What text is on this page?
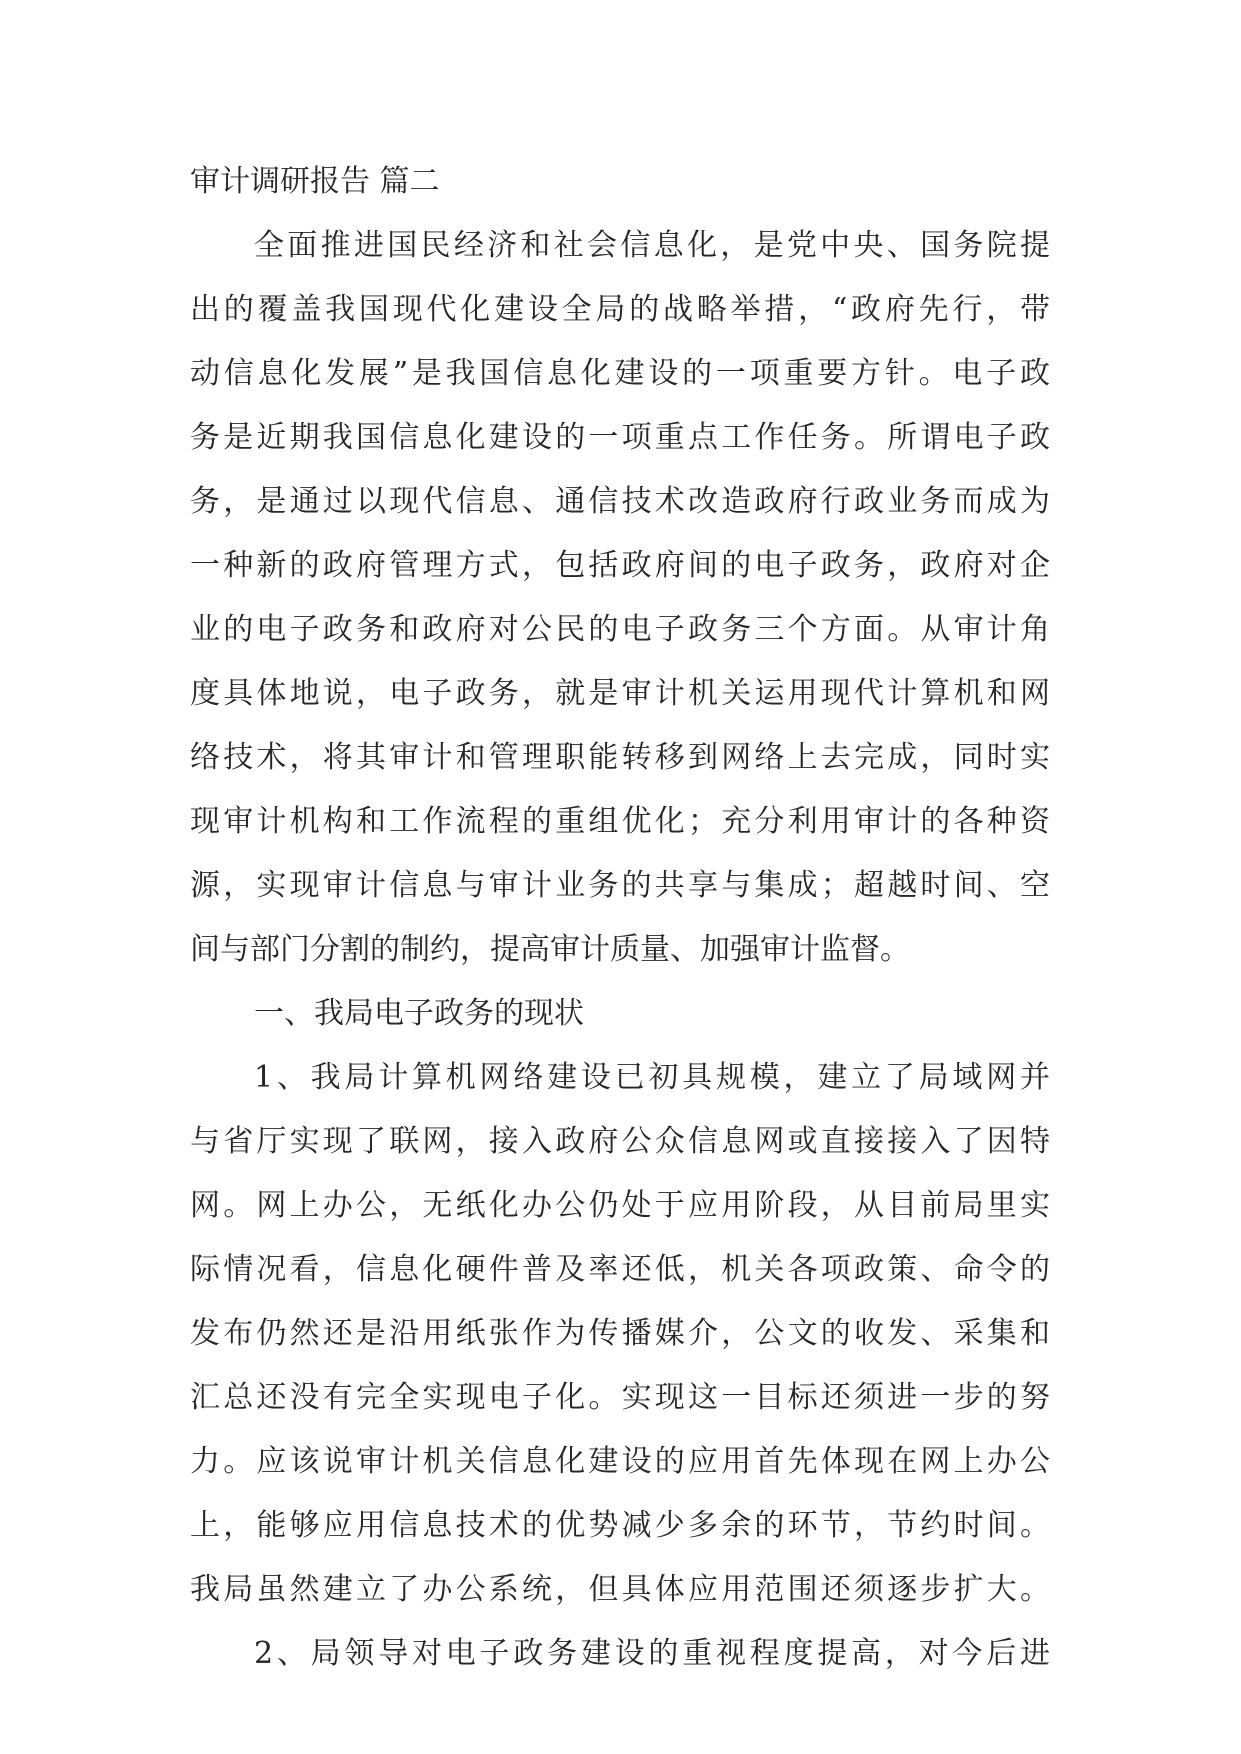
审计调研报告 篇二
全面推进国民经济和社会信息化，是党中央、国务院提
出的覆盖我国现代化建设全局的战略举措，“政府先行，带
动信息化发展”是我国信息化建设的一项重要方针。电子政
务是近期我国信息化建设的一项重点工作任务。所谓电子政
务，是通过以现代信息、通信技术改造政府行政业务而成为
一种新的政府管理方式，包括政府间的电子政务，政府对企
业的电子政务和政府对公民的电子政务三个方面。从审计角
度具体地说，电子政务，就是审计机关运用现代计算机和网
络技术，将其审计和管理职能转移到网络上去完成，同时实
现审计机构和工作流程的重组优化；充分利用审计的各种资
源，实现审计信息与审计业务的共享与集成；超越时间、空
间与部门分割的制约，提高审计质量、加强审计监督。
一、我局电子政务的现状
1、我局计算机网络建设已初具规模，建立了局域网并
与省厅实现了联网，接入政府公众信息网或直接接入了因特
网。网上办公，无纸化办公仍处于应用阶段，从目前局里实
际情况看，信息化硬件普及率还低，机关各项政策、命令的
发布仍然还是沿用纸张作为传播媒介，公文的收发、采集和
汇总还没有完全实现电子化。实现这一目标还须进一步的努
力。应该说审计机关信息化建设的应用首先体现在网上办公
上，能够应用信息技术的优势减少多余的环节，节约时间。
我局虽然建立了办公系统，但具体应用范围还须逐步扩大。
2、局领导对电子政务建设的重视程度提高，对今后进
